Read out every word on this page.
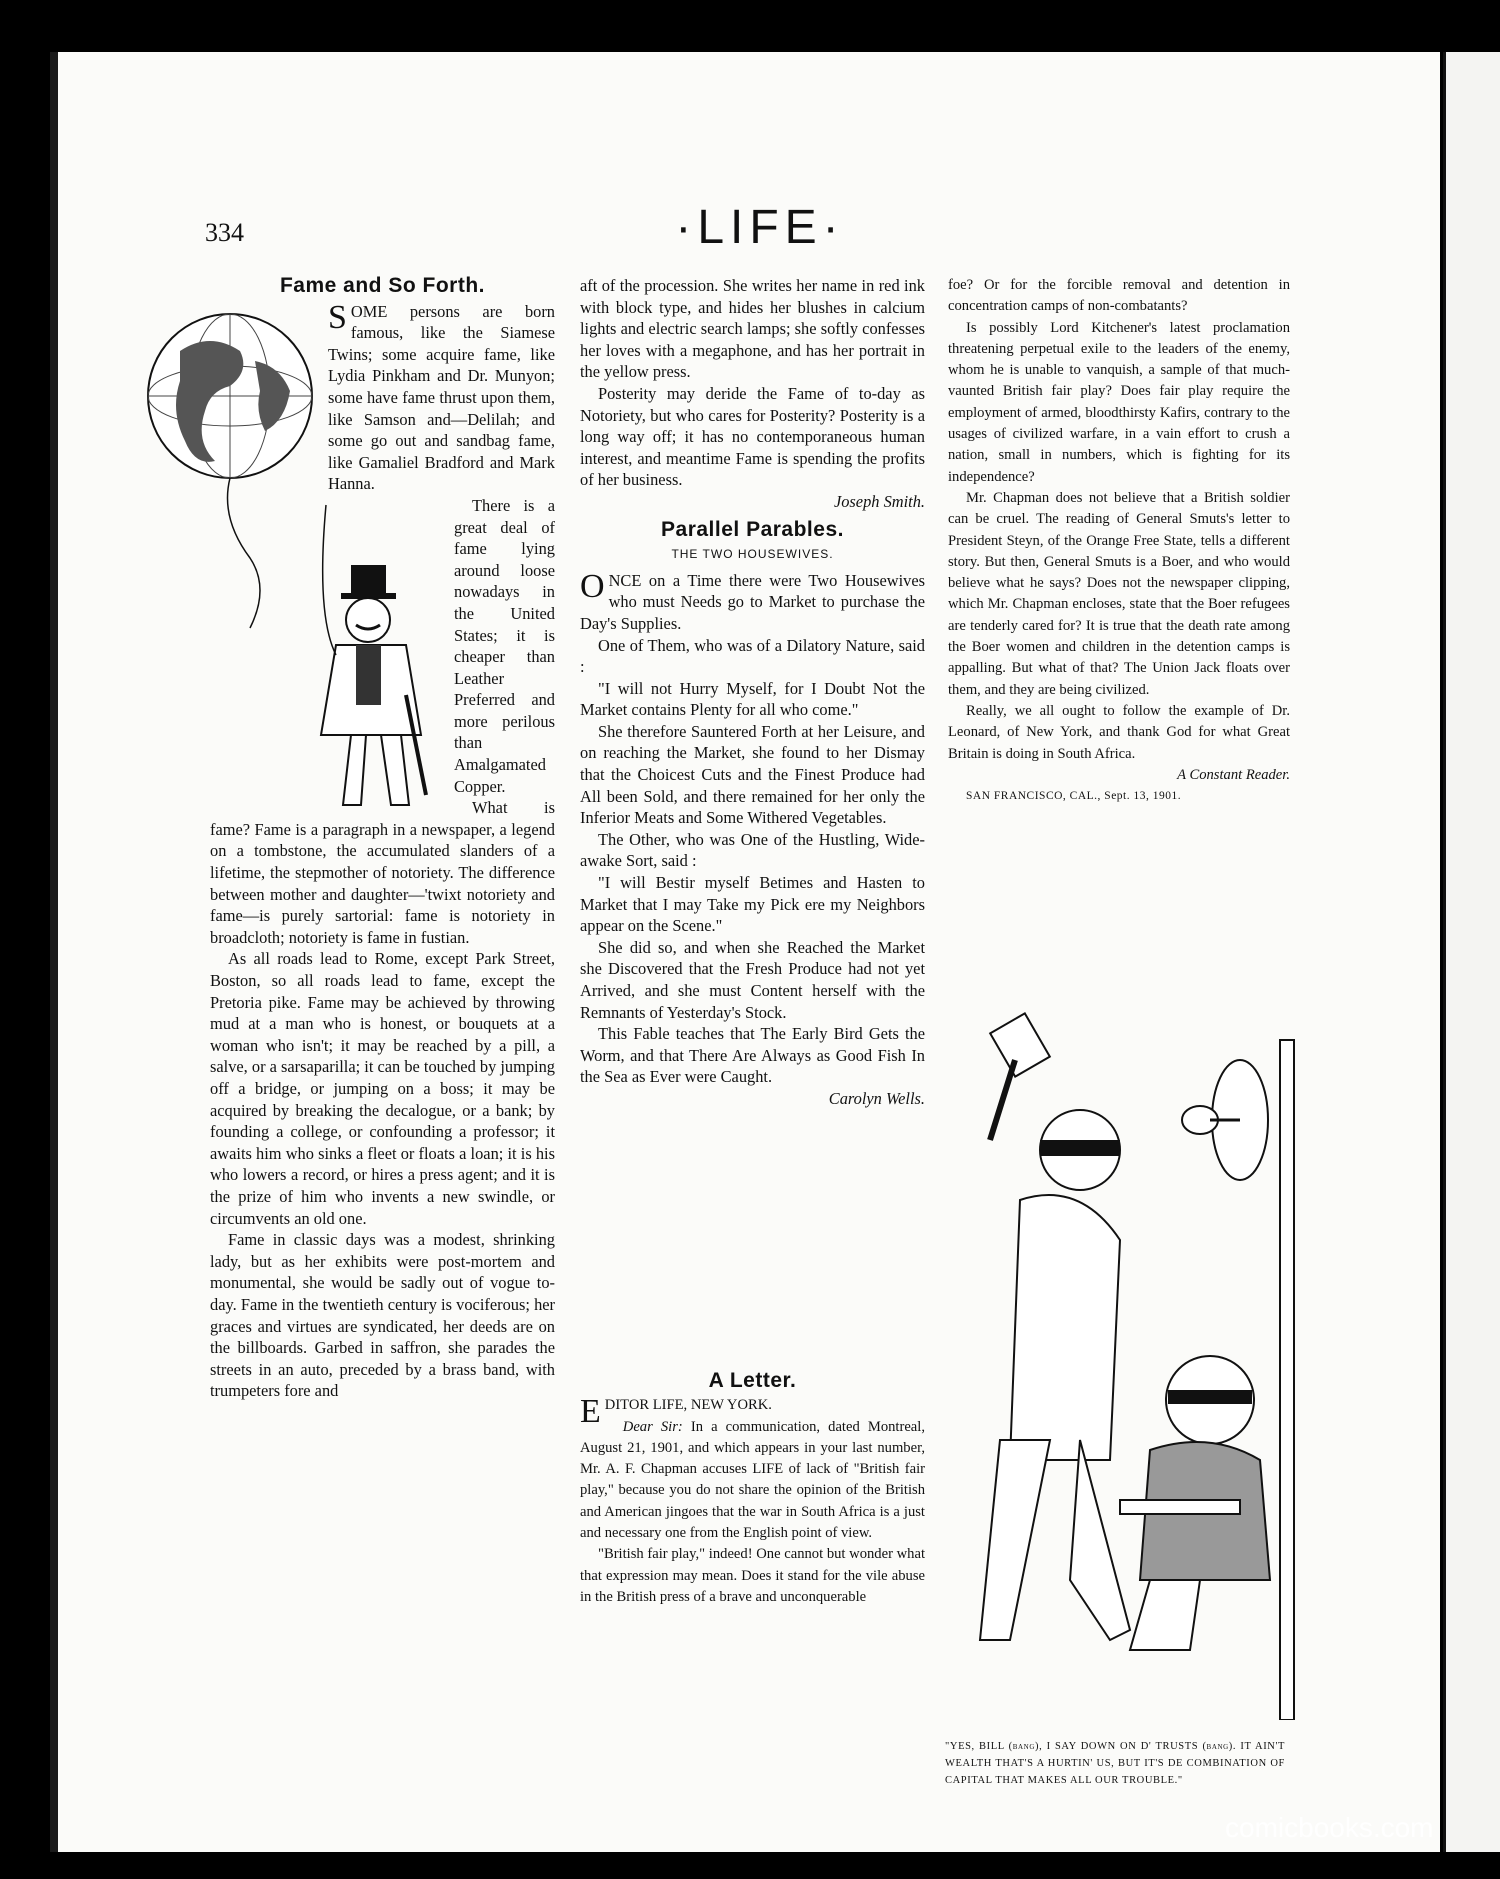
334	·LIFE·
Fame and So Forth.

SOME persons are born famous, like the Siamese Twins; some acquire fame, like Lydia Pinkham and Dr. Munyon; some have fame thrust upon them, like Samson and—Delilah; and some go out and sandbag fame, like Gamaliel Bradford and Mark Hanna.

There is a great deal of fame lying around loose nowadays in the United States; it is cheaper than Leather Preferred and more perilous than Amalgamated Copper.

What is fame? Fame is a paragraph in a newspaper, a legend on a tombstone, the accumulated slanders of a lifetime, the stepmother of notoriety. The difference between mother and daughter—'twixt notoriety and fame—is purely sartorial: fame is notoriety in broadcloth; notoriety is fame in fustian.

As all roads lead to Rome, except Park Street, Boston, so all roads lead to fame, except the Pretoria pike. Fame may be achieved by throwing mud at a man who is honest, or bouquets at a woman who isn't; it may be reached by a pill, a salve, or a sarsaparilla; it can be touched by jumping off a bridge, or jumping on a boss; it may be acquired by breaking the decalogue, or a bank; by founding a college, or confounding a professor; it awaits him who sinks a fleet or floats a loan; it is his who lowers a record, or hires a press agent; and it is the prize of him who invents a new swindle, or circumvents an old one.

Fame in classic days was a modest, shrinking lady, but as her exhibits were post-mortem and monumental, she would be sadly out of vogue to-day. Fame in the twentieth century is vociferous; her graces and virtues are syndicated, her deeds are on the billboards. Garbed in saffron, she parades the streets in an auto, preceded by a brass band, with trumpeters fore and

aft of the procession. She writes her name in red ink with block type, and hides her blushes in calcium lights and electric search lamps; she softly confesses her loves with a megaphone, and has her portrait in the yellow press.

Posterity may deride the Fame of to-day as Notoriety, but who cares for Posterity? Posterity is a long way off; it has no contemporaneous human interest, and meantime Fame is spending the profits of her business.

Joseph Smith.

Parallel Parables.
THE TWO HOUSEWIVES.

ONCE on a Time there were Two Housewives who must Needs go to Market to purchase the Day's Supplies.

One of Them, who was of a Dilatory Nature, said :

"I will not Hurry Myself, for I Doubt Not the Market contains Plenty for all who come."

She therefore Sauntered Forth at her Leisure, and on reaching the Market, she found to her Dismay that the Choicest Cuts and the Finest Produce had All been Sold, and there remained for her only the Inferior Meats and Some Withered Vegetables.

The Other, who was One of the Hustling, Wide-awake Sort, said :

"I will Bestir myself Betimes and Hasten to Market that I may Take my Pick ere my Neighbors appear on the Scene."

She did so, and when she Reached the Market she Discovered that the Fresh Produce had not yet Arrived, and she must Content herself with the Remnants of Yesterday's Stock.

This Fable teaches that The Early Bird Gets the Worm, and that There Are Always as Good Fish In the Sea as Ever were Caught.

Carolyn Wells.

A Letter.

EDITOR LIFE, NEW YORK.

Dear Sir: In a communication, dated Montreal, August 21, 1901, and which appears in your last number, Mr. A. F. Chapman accuses LIFE of lack of "British fair play," because you do not share the opinion of the British and American jingoes that the war in South Africa is a just and necessary one from the English point of view.

"British fair play," indeed! One cannot but wonder what that expression may mean. Does it stand for the vile abuse in the British press of a brave and unconquerable

foe? Or for the forcible removal and detention in concentration camps of non-combatants?

Is possibly Lord Kitchener's latest proclamation threatening perpetual exile to the leaders of the enemy, whom he is unable to vanquish, a sample of that much-vaunted British fair play? Does fair play require the employment of armed, bloodthirsty Kafirs, contrary to the usages of civilized warfare, in a vain effort to crush a nation, small in numbers, which is fighting for its independence?

Mr. Chapman does not believe that a British soldier can be cruel. The reading of General Smuts's letter to President Steyn, of the Orange Free State, tells a different story. But then, General Smuts is a Boer, and who would believe what he says? Does not the newspaper clipping, which Mr. Chapman encloses, state that the Boer refugees are tenderly cared for? It is true that the death rate among the Boer women and children in the detention camps is appalling. But what of that? The Union Jack floats over them, and they are being civilized.

Really, we all ought to follow the example of Dr. Leonard, of New York, and thank God for what Great Britain is doing in South Africa.

A Constant Reader.

SAN FRANCISCO, CAL., Sept. 13, 1901.

"YES, BILL (bang), I SAY DOWN ON D' TRUSTS (bang). IT AIN'T WEALTH THAT'S A HURTIN' US, BUT IT'S DE COMBINATION OF CAPITAL THAT MAKES ALL OUR TROUBLE."
comicbooks.com
